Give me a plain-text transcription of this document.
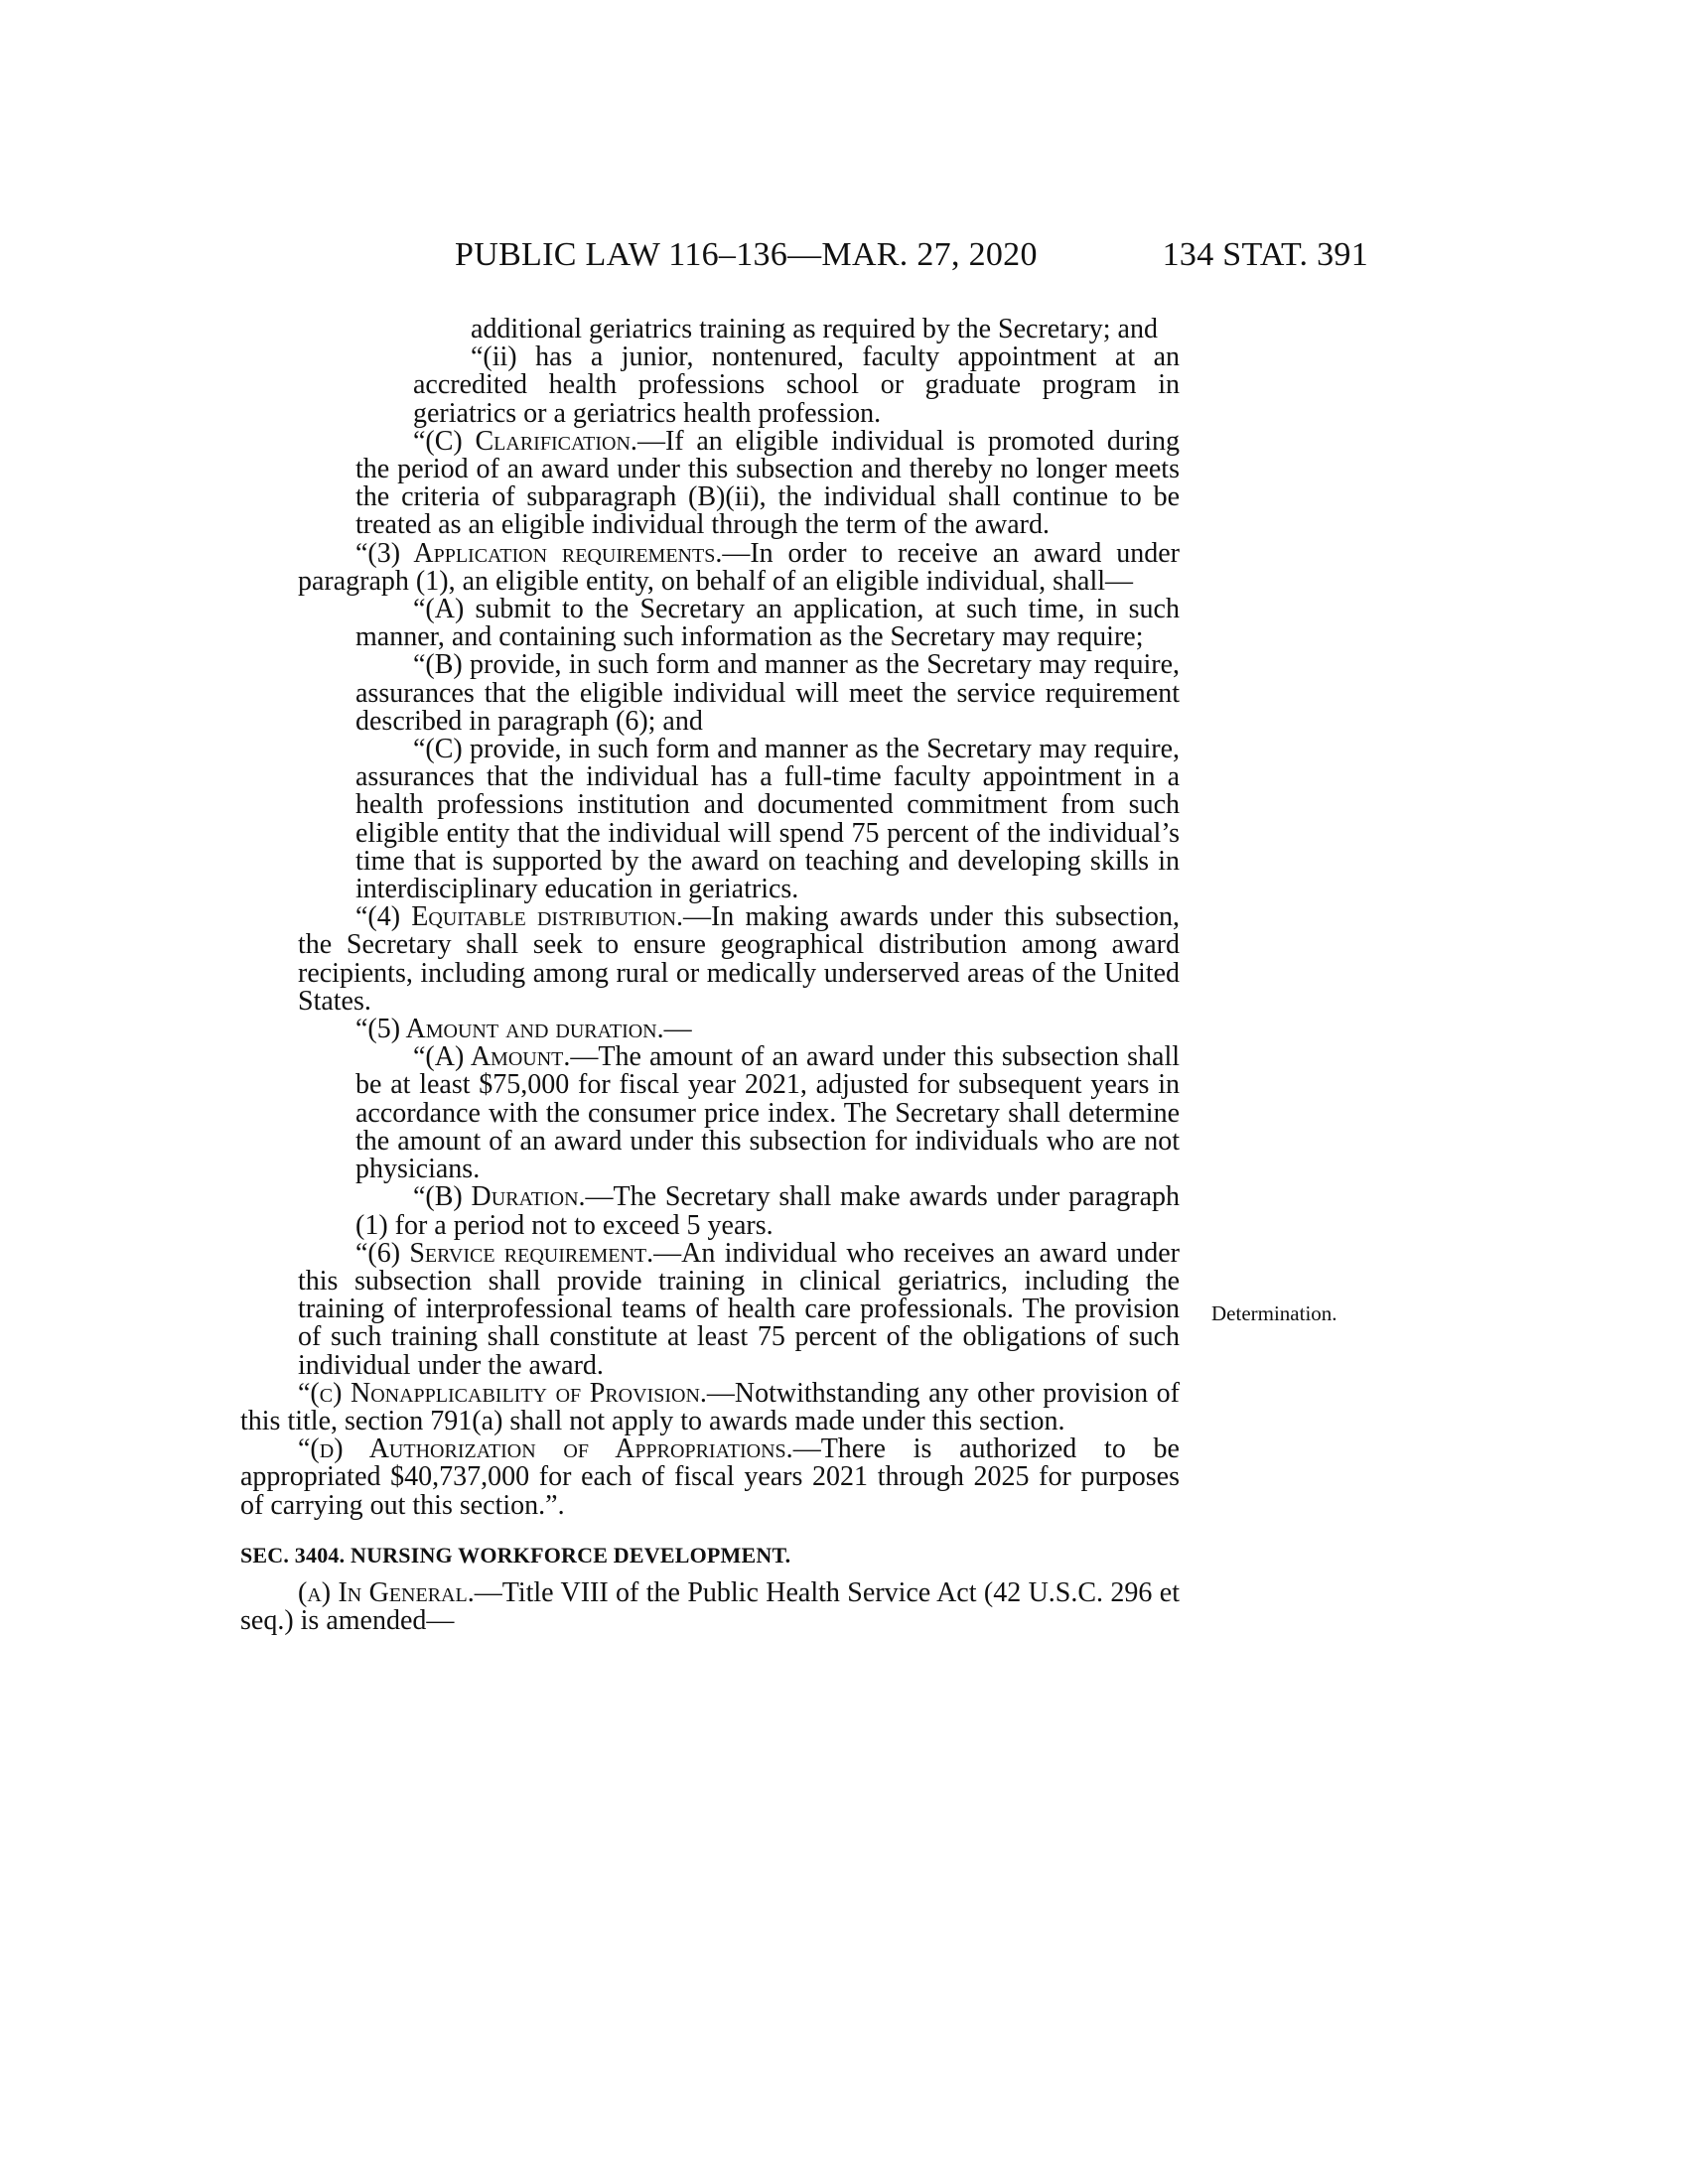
PUBLIC LAW 116–136—MAR. 27, 2020	134 STAT. 391
Determination.

additional geriatrics training as required by the Secretary; and

“(ii) has a junior, nontenured, faculty appointment at an accredited health professions school or graduate program in geriatrics or a geriatrics health profession.

“(C) Clarification.—If an eligible individual is promoted during the period of an award under this subsection and thereby no longer meets the criteria of subparagraph (B)(ii), the individual shall continue to be treated as an eligible individual through the term of the award.

“(3) Application requirements.—In order to receive an award under paragraph (1), an eligible entity, on behalf of an eligible individual, shall—

“(A) submit to the Secretary an application, at such time, in such manner, and containing such information as the Secretary may require;

“(B) provide, in such form and manner as the Secretary may require, assurances that the eligible individual will meet the service requirement described in paragraph (6); and

“(C) provide, in such form and manner as the Secretary may require, assurances that the individual has a full-time faculty appointment in a health professions institution and documented commitment from such eligible entity that the individual will spend 75 percent of the individual’s time that is supported by the award on teaching and developing skills in interdisciplinary education in geriatrics.

“(4) Equitable distribution.—In making awards under this subsection, the Secretary shall seek to ensure geographical distribution among award recipients, including among rural or medically underserved areas of the United States.

“(5) Amount and duration.—

“(A) Amount.—The amount of an award under this subsection shall be at least $75,000 for fiscal year 2021, adjusted for subsequent years in accordance with the consumer price index. The Secretary shall determine the amount of an award under this subsection for individuals who are not physicians.

“(B) Duration.—The Secretary shall make awards under paragraph (1) for a period not to exceed 5 years.

“(6) Service requirement.—An individual who receives an award under this subsection shall provide training in clinical geriatrics, including the training of interprofessional teams of health care professionals. The provision of such training shall constitute at least 75 percent of the obligations of such individual under the award.

“(c) Nonapplicability of Provision.—Notwithstanding any other provision of this title, section 791(a) shall not apply to awards made under this section.

“(d) Authorization of Appropriations.—There is authorized to be appropriated $40,737,000 for each of fiscal years 2021 through 2025 for purposes of carrying out this section.”.

SEC. 3404. NURSING WORKFORCE DEVELOPMENT.

(a) In General.—Title VIII of the Public Health Service Act (42 U.S.C. 296 et seq.) is amended—
